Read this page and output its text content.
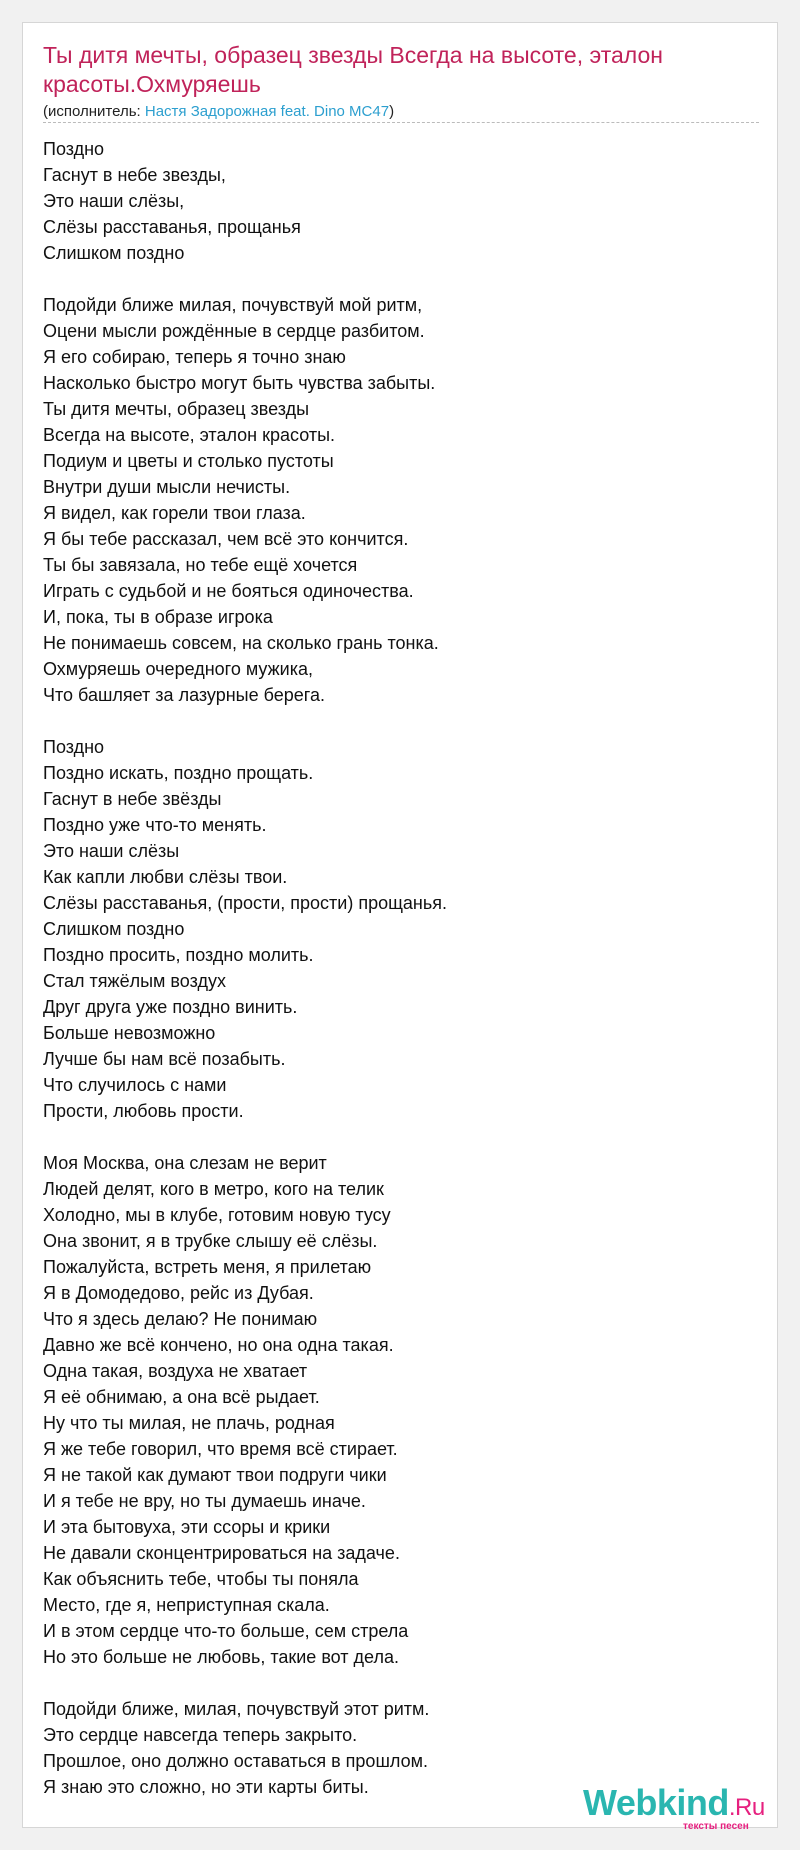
Ты дитя мечты, образец звезды Всегда на высоте, эталон красоты.Охмуряешь
(исполнитель: Настя Задорожная feat. Dino MC47)
Поздно
Гаснут в небе звезды,
Это наши слёзы,
Слёзы расставанья, прощанья
Слишком поздно
Подойди ближе милая, почувствуй мой ритм,
Оцени мысли рождённые в сердце разбитом.
Я его собираю, теперь я точно знаю
Насколько быстро могут быть чувства забыты.
Ты дитя мечты, образец звезды
Всегда на высоте, эталон красоты.
Подиум и цветы и столько пустоты
Внутри души мысли нечисты.
Я видел, как горели твои глаза.
Я бы тебе рассказал, чем всё это кончится.
Ты бы завязала, но тебе ещё хочется
Играть с судьбой и не бояться одиночества.
И, пока, ты в образе игрока
Не понимаешь совсем, на сколько грань тонка.
Охмуряешь очередного мужика,
Что башляет за лазурные берега.
Поздно
Поздно искать, поздно прощать.
Гаснут в небе звёзды
Поздно уже что-то менять.
Это наши слёзы
Как капли любви слёзы твои.
Слёзы расставанья, (прости, прости) прощанья.
Слишком поздно
Поздно просить, поздно молить.
Стал тяжёлым воздух
Друг друга уже поздно винить.
Больше невозможно
Лучше бы нам всё позабыть.
Что случилось с нами
Прости, любовь прости.
Моя Москва, она слезам не верит
Людей делят, кого в метро, кого на телик
Холодно, мы в клубе, готовим новую тусу
Она звонит, я в трубке слышу её слёзы.
Пожалуйста, встреть меня, я прилетаю
Я в Домодедово, рейс из Дубая.
Что я здесь делаю? Не понимаю
Давно же всё кончено, но она одна такая.
Одна такая, воздуха не хватает
Я её обнимаю, а она всё рыдает.
Ну что ты милая, не плачь, родная
Я же тебе говорил, что время всё стирает.
Я не такой как думают твои подруги чики
И я тебе не вру, но ты думаешь иначе.
И эта бытовуха, эти ссоры и крики
Не давали сконцентрироваться на задаче.
Как объяснить тебе, чтобы ты поняла
Место, где я, неприступная скала.
И в этом сердце что-то больше, сем стрела
Но это больше не любовь, такие вот дела.
Подойди ближе, милая, почувствуй этот ритм.
Это сердце навсегда теперь закрыто.
Прошлое, оно должно оставаться в прошлом.
Я знаю это сложно, но эти карты биты.	Webkind.Ru
тексты песен
